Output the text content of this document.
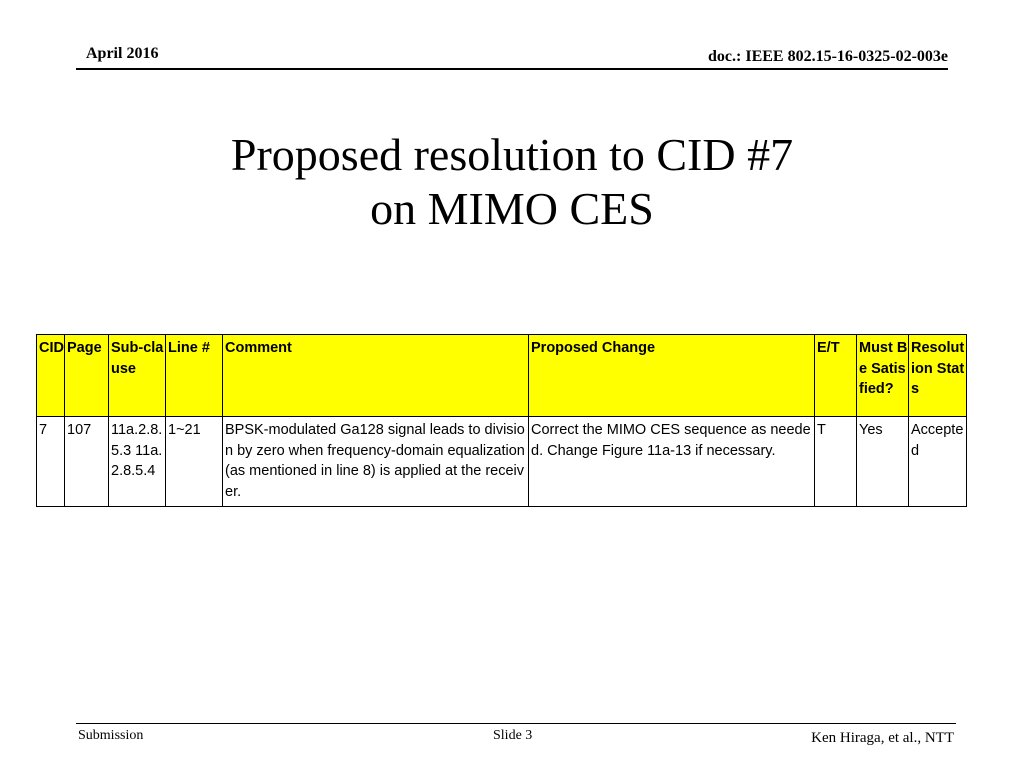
April 2016	doc.: IEEE 802.15-16-0325-02-003e
Proposed resolution to CID #7
on MIMO CES
CID	Page	Sub-clause	Line #	Comment	Proposed Change	E/T	Must Be Satisfied?	Resolution Stats
7	107	11a.2.8.5.3 11a.2.8.5.4	1~21	BPSK-modulated Ga128 signal leads to division by zero when frequency-domain equalization (as mentioned in line 8) is applied at the receiver.	Correct the MIMO CES sequence as needed. Change Figure 11a-13 if necessary.	T	Yes	Accepted
Submission	Slide 3	Ken Hiraga, et al., NTT
